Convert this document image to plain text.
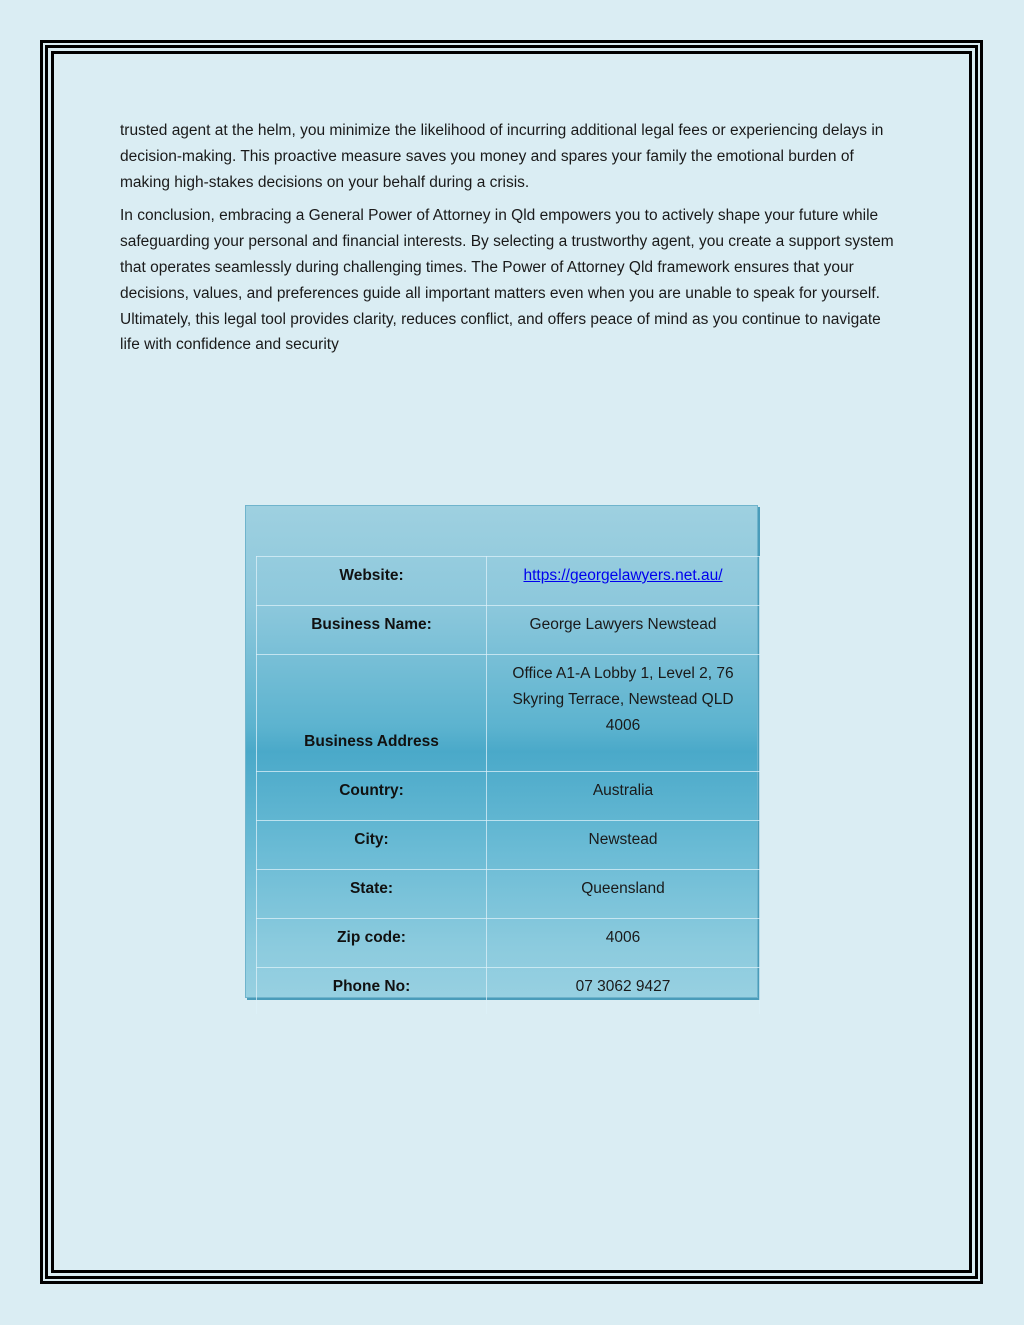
trusted agent at the helm, you minimize the likelihood of incurring additional legal fees or experiencing delays in decision-making. This proactive measure saves you money and spares your family the emotional burden of making high-stakes decisions on your behalf during a crisis.

In conclusion, embracing a General Power of Attorney in Qld empowers you to actively shape your future while safeguarding your personal and financial interests. By selecting a trustworthy agent, you create a support system that operates seamlessly during challenging times. The Power of Attorney Qld framework ensures that your decisions, values, and preferences guide all important matters even when you are unable to speak for yourself. Ultimately, this legal tool provides clarity, reduces conflict, and offers peace of mind as you continue to navigate life with confidence and security

Website:	https://georgelawyers.net.au/
Business Name:	George Lawyers Newstead
Business Address	Office A1-A Lobby 1, Level 2, 76 Skyring Terrace, Newstead QLD 4006
Country:	Australia
City:	Newstead
State:	Queensland
Zip code:	4006
Phone No:	07 3062 9427
